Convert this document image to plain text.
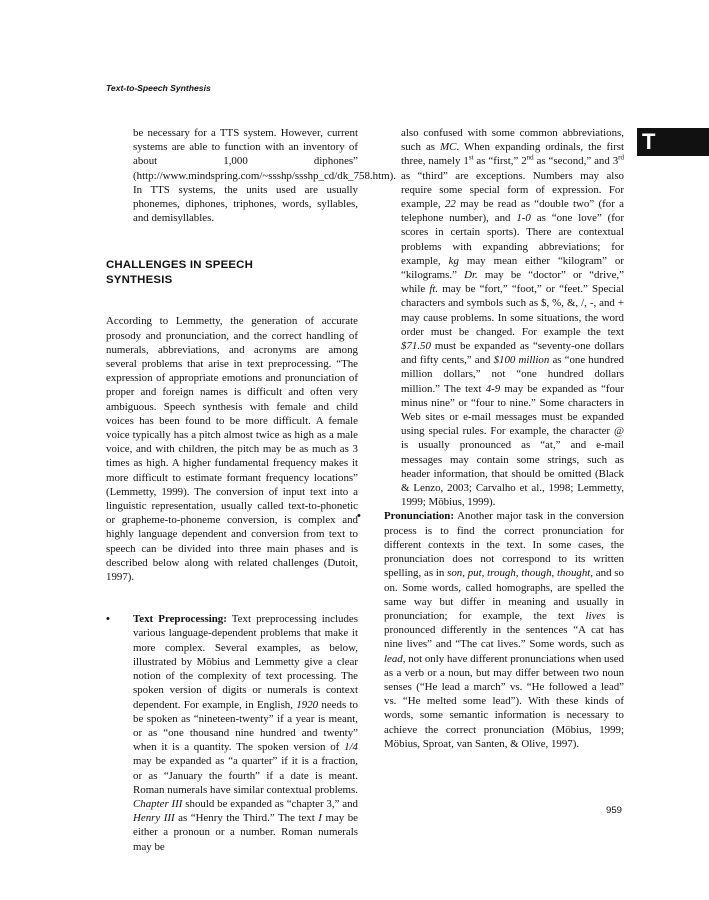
Text-to-Speech Synthesis
T

be necessary for a TTS system. However, current systems are able to function with an inventory of about 1,000 diphones” (http://www.mindspring.com/~ssshp/ssshp_cd/dk_758.htm). In TTS systems, the units used are usually phonemes, diphones, triphones, words, syllables, and demisyllables.

CHALLENGES IN SPEECH
SYNTHESIS

According to Lemmetty, the generation of accurate prosody and pronunciation, and the correct handling of numerals, abbreviations, and acronyms are among several problems that arise in text preprocessing. “The expression of appropriate emotions and pronunciation of proper and foreign names is difficult and often very ambiguous. Speech synthesis with female and child voices has been found to be more difficult. A female voice typically has a pitch almost twice as high as a male voice, and with children, the pitch may be as much as 3 times as high. A higher fundamental frequency makes it more difficult to estimate formant frequency locations” (Lemmetty, 1999). The conversion of input text into a linguistic representation, usually called text-to-phonetic or grapheme-to-phoneme conversion, is complex and highly language dependent and conversion from text to speech can be divided into three main phases and is described below along with related challenges (Dutoit, 1997).

• Text Preprocessing: Text preprocessing includes various language-dependent problems that make it more complex. Several examples, as below, illustrated by Möbius and Lemmetty give a clear notion of the complexity of text processing. The spoken version of digits or numerals is context dependent. For example, in English, 1920 needs to be spoken as “nineteen-twenty” if a year is meant, or as “one thousand nine hundred and twenty” when it is a quantity. The spoken version of 1/4 may be expanded as “a quarter” if it is a fraction, or as “January the fourth” if a date is meant. Roman numerals have similar contextual problems. Chapter III should be expanded as “chapter 3,” and Henry III as “Henry the Third.” The text I may be either a pronoun or a number. Roman numerals may be

also confused with some common abbreviations, such as MC. When expanding ordinals, the first three, namely 1st as “first,” 2nd as “second,” and 3rd as “third” are exceptions. Numbers may also require some special form of expression. For example, 22 may be read as “double two” (for a telephone number), and 1-0 as “one love” (for scores in certain sports). There are contextual problems with expanding abbreviations; for example, kg may mean either “kilogram” or “kilograms.” Dr. may be “doctor” or “drive,” while ft. may be “fort,” “foot,” or “feet.” Special characters and symbols such as $, %, &, /, -, and + may cause problems. In some situations, the word order must be changed. For example the text $71.50 must be expanded as “seventy-one dollars and fifty cents,” and $100 million as “one hundred million dollars,” not “one hundred dollars million.” The text 4-9 may be expanded as “four minus nine” or “four to nine.” Some characters in Web sites or e-mail messages must be expanded using special rules. For example, the character @ is usually pronounced as “at,” and e-mail messages may contain some strings, such as header information, that should be omitted (Black & Lenzo, 2003; Carvalho et al., 1998; Lemmetty, 1999; Möbius, 1999).

• Pronunciation: Another major task in the conversion process is to find the correct pronunciation for different contexts in the text. In some cases, the pronunciation does not correspond to its written spelling, as in son, put, trough, though, thought, and so on. Some words, called homographs, are spelled the same way but differ in meaning and usually in pronunciation; for example, the text lives is pronounced differently in the sentences “A cat has nine lives” and “The cat lives.” Some words, such as lead, not only have different pronunciations when used as a verb or a noun, but may differ between two noun senses (“He lead a march” vs. “He followed a lead” vs. “He melted some lead”). With these kinds of words, some semantic information is necessary to achieve the correct pronunciation (Möbius, 1999; Möbius, Sproat, van Santen, & Olive, 1997).

959
